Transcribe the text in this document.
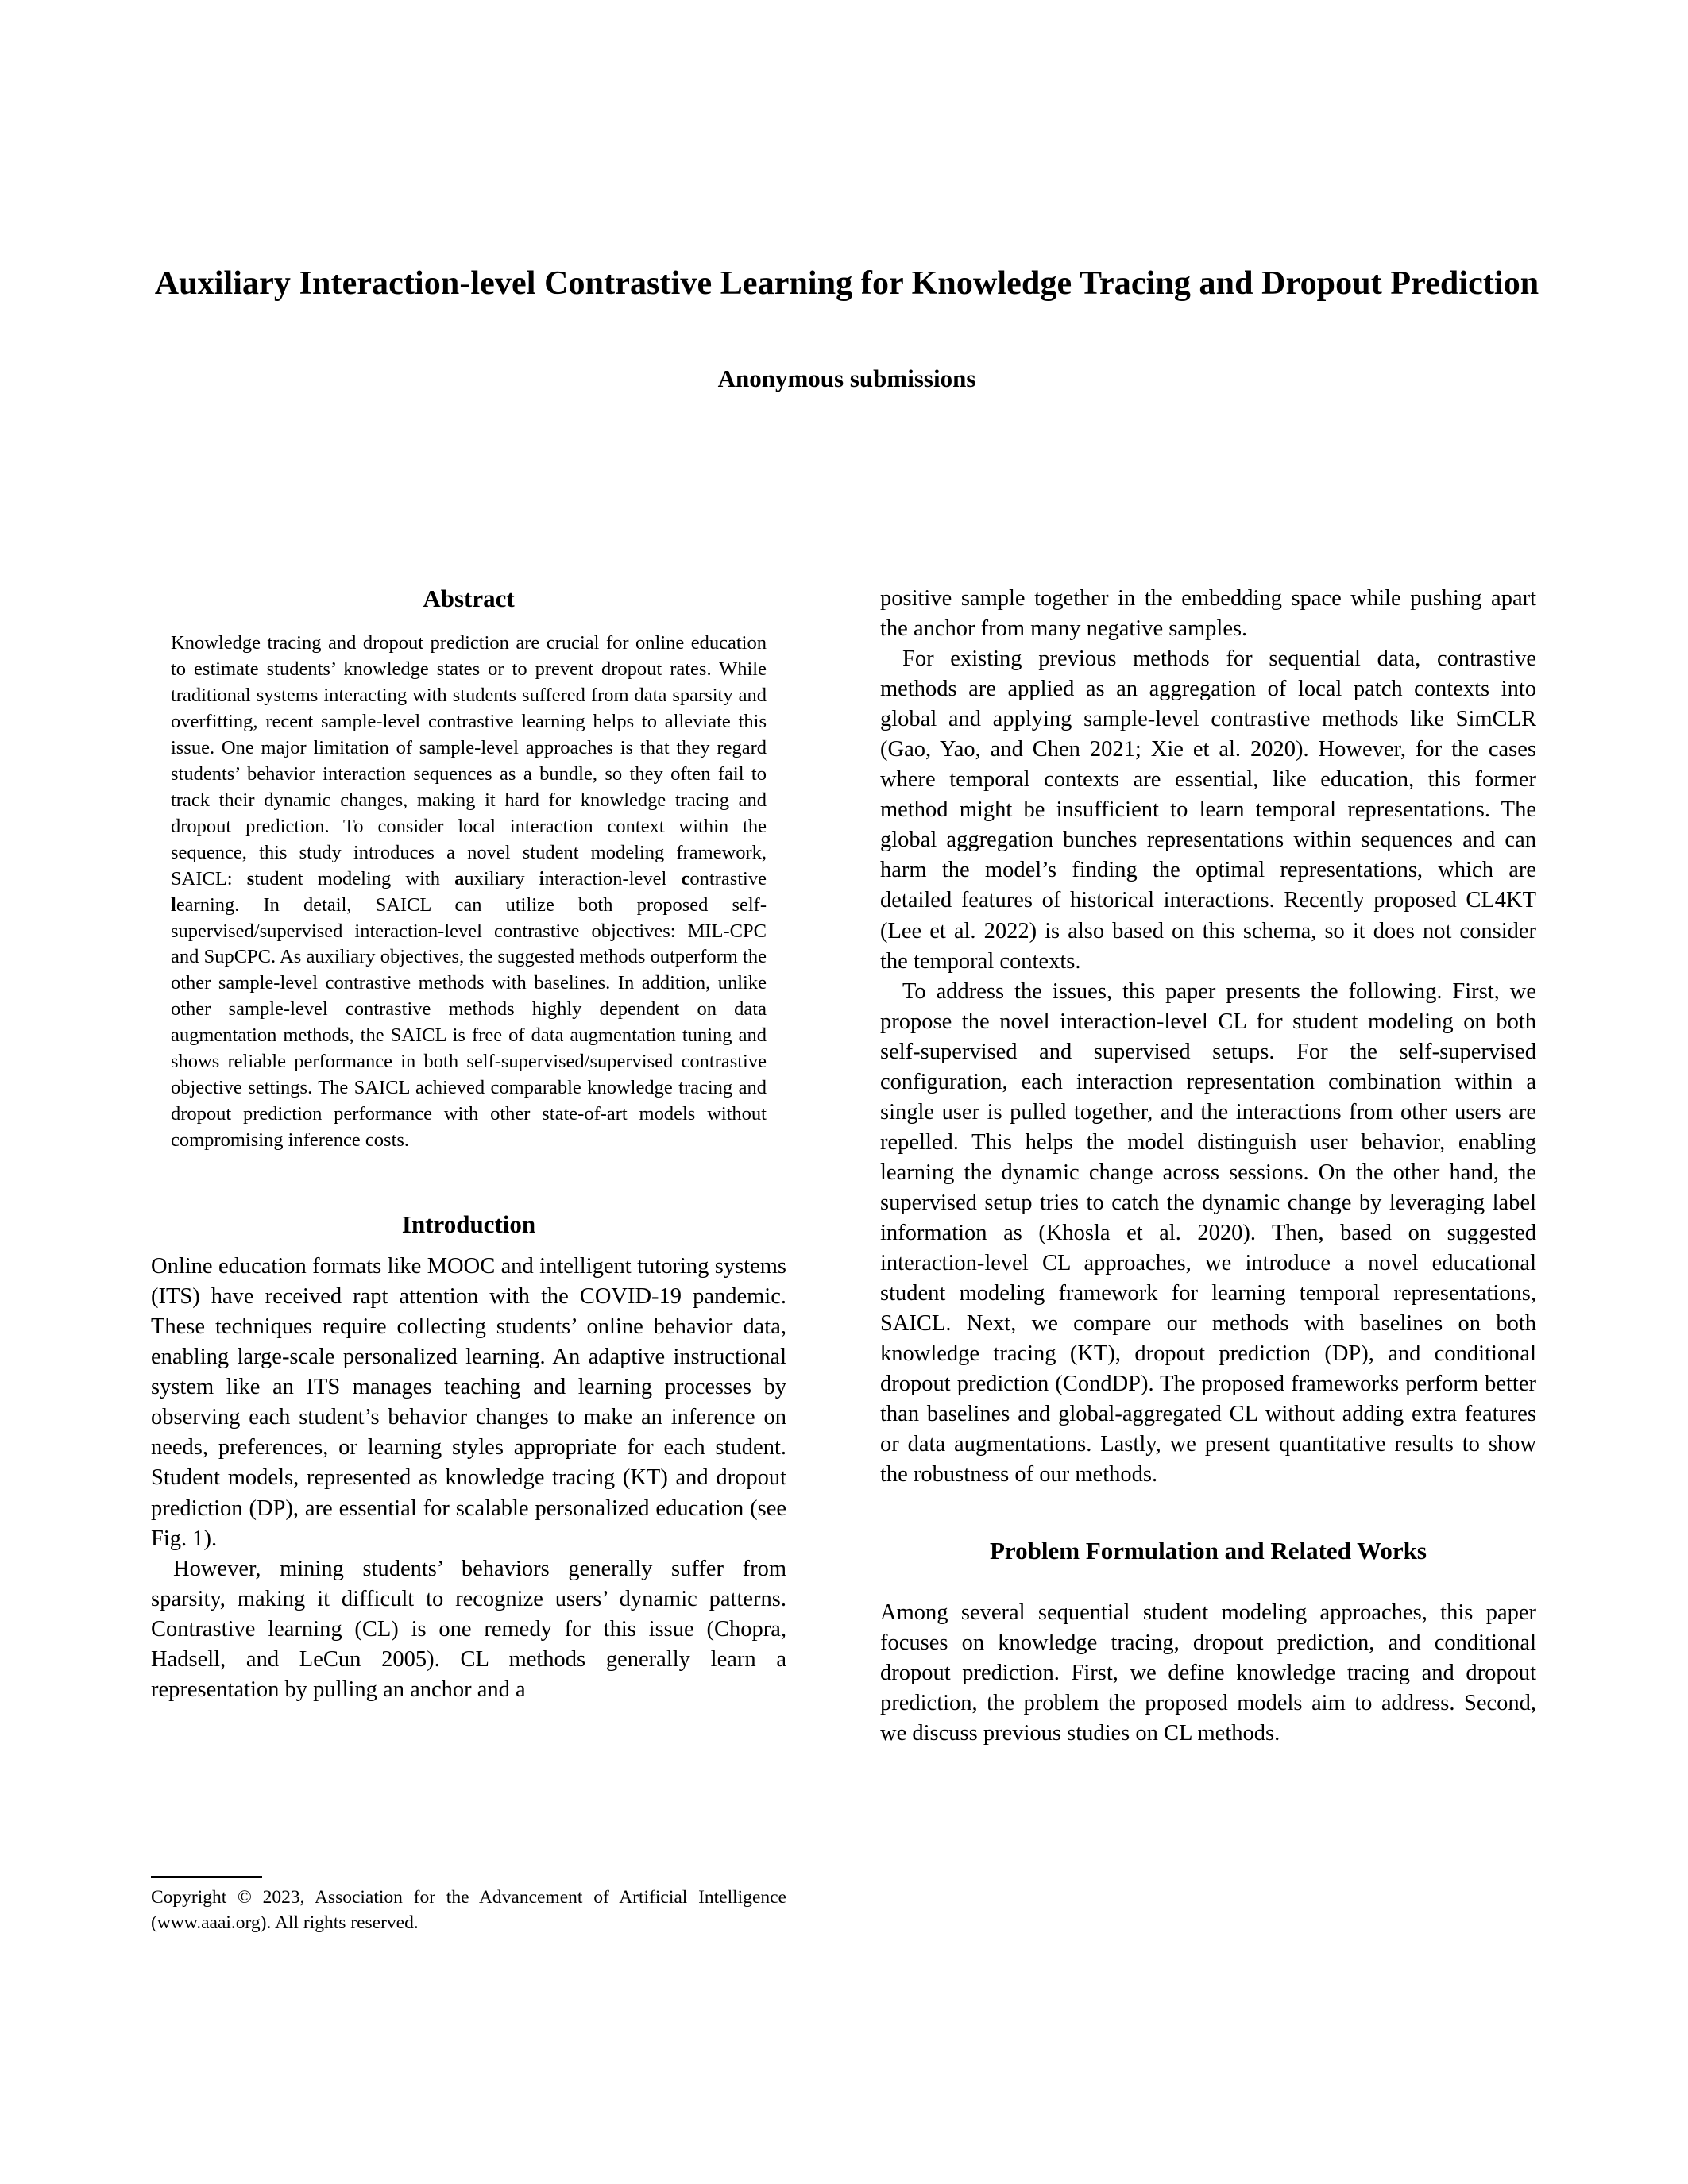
Auxiliary Interaction-level Contrastive Learning for Knowledge Tracing and Dropout Prediction
Anonymous submissions
Abstract

Knowledge tracing and dropout prediction are crucial for online education to estimate students’ knowledge states or to prevent dropout rates. While traditional systems interacting with students suffered from data sparsity and overfitting, recent sample-level contrastive learning helps to alleviate this issue. One major limitation of sample-level approaches is that they regard students’ behavior interaction sequences as a bundle, so they often fail to track their dynamic changes, making it hard for knowledge tracing and dropout prediction. To consider local interaction context within the sequence, this study introduces a novel student modeling framework, SAICL: student modeling with auxiliary interaction-level contrastive learning. In detail, SAICL can utilize both proposed self-supervised/supervised interaction-level contrastive objectives: MIL-CPC and SupCPC. As auxiliary objectives, the suggested methods outperform the other sample-level contrastive methods with baselines. In addition, unlike other sample-level contrastive methods highly dependent on data augmentation methods, the SAICL is free of data augmentation tuning and shows reliable performance in both self-supervised/supervised contrastive objective settings. The SAICL achieved comparable knowledge tracing and dropout prediction performance with other state-of-art models without compromising inference costs.

Introduction

Online education formats like MOOC and intelligent tutoring systems (ITS) have received rapt attention with the COVID-19 pandemic. These techniques require collecting students’ online behavior data, enabling large-scale personalized learning. An adaptive instructional system like an ITS manages teaching and learning processes by observing each student’s behavior changes to make an inference on needs, preferences, or learning styles appropriate for each student. Student models, represented as knowledge tracing (KT) and dropout prediction (DP), are essential for scalable personalized education (see Fig. 1).

However, mining students’ behaviors generally suffer from sparsity, making it difficult to recognize users’ dynamic patterns. Contrastive learning (CL) is one remedy for this issue (Chopra, Hadsell, and LeCun 2005). CL methods generally learn a representation by pulling an anchor and a

Copyright © 2023, Association for the Advancement of Artificial Intelligence (www.aaai.org). All rights reserved.

positive sample together in the embedding space while pushing apart the anchor from many negative samples.

For existing previous methods for sequential data, contrastive methods are applied as an aggregation of local patch contexts into global and applying sample-level contrastive methods like SimCLR (Gao, Yao, and Chen 2021; Xie et al. 2020). However, for the cases where temporal contexts are essential, like education, this former method might be insufficient to learn temporal representations. The global aggregation bunches representations within sequences and can harm the model’s finding the optimal representations, which are detailed features of historical interactions. Recently proposed CL4KT (Lee et al. 2022) is also based on this schema, so it does not consider the temporal contexts.

To address the issues, this paper presents the following. First, we propose the novel interaction-level CL for student modeling on both self-supervised and supervised setups. For the self-supervised configuration, each interaction representation combination within a single user is pulled together, and the interactions from other users are repelled. This helps the model distinguish user behavior, enabling learning the dynamic change across sessions. On the other hand, the supervised setup tries to catch the dynamic change by leveraging label information as (Khosla et al. 2020). Then, based on suggested interaction-level CL approaches, we introduce a novel educational student modeling framework for learning temporal representations, SAICL. Next, we compare our methods with baselines on both knowledge tracing (KT), dropout prediction (DP), and conditional dropout prediction (CondDP). The proposed frameworks perform better than baselines and global-aggregated CL without adding extra features or data augmentations. Lastly, we present quantitative results to show the robustness of our methods.

Problem Formulation and Related Works

Among several sequential student modeling approaches, this paper focuses on knowledge tracing, dropout prediction, and conditional dropout prediction. First, we define knowledge tracing and dropout prediction, the problem the proposed models aim to address. Second, we discuss previous studies on CL methods.
